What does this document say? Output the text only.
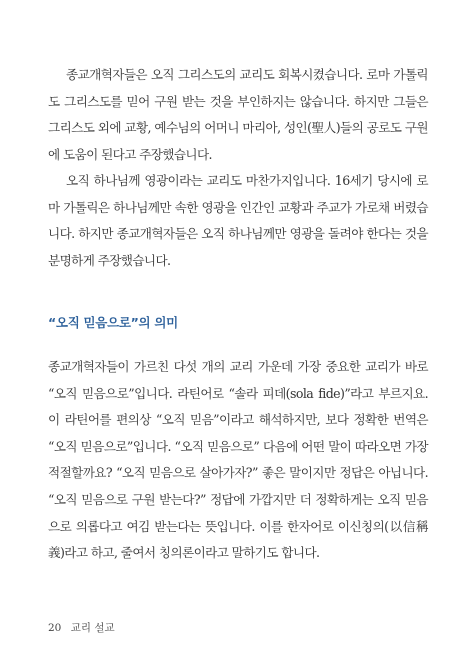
종교개혁자들은 오직 그리스도의 교리도 회복시켰습니다. 로마 가톨릭도 그리스도를 믿어 구원 받는 것을 부인하지는 않습니다. 하지만 그들은 그리스도 외에 교황, 예수님의 어머니 마리아, 성인(聖人)들의 공로도 구원에 도움이 된다고 주장했습니다.

오직 하나님께 영광이라는 교리도 마찬가지입니다. 16세기 당시에 로마 가톨릭은 하나님께만 속한 영광을 인간인 교황과 주교가 가로채 버렸습니다. 하지만 종교개혁자들은 오직 하나님께만 영광을 돌려야 한다는 것을 분명하게 주장했습니다.

“오직 믿음으로”의 의미

종교개혁자들이 가르친 다섯 개의 교리 가운데 가장 중요한 교리가 바로 “오직 믿음으로”입니다. 라틴어로 “솔라 피데(sola fide)”라고 부르지요. 이 라틴어를 편의상 “오직 믿음”이라고 해석하지만, 보다 정확한 번역은 “오직 믿음으로”입니다. “오직 믿음으로” 다음에 어떤 말이 따라오면 가장 적절할까요? “오직 믿음으로 살아가자?” 좋은 말이지만 정답은 아닙니다. “오직 믿음으로 구원 받는다?” 정답에 가깝지만 더 정확하게는 오직 믿음으로 의롭다고 여김 받는다는 뜻입니다. 이를 한자어로 이신칭의(以信稱義)라고 하고, 줄여서 칭의론이라고 말하기도 합니다.

20 교리 설교
